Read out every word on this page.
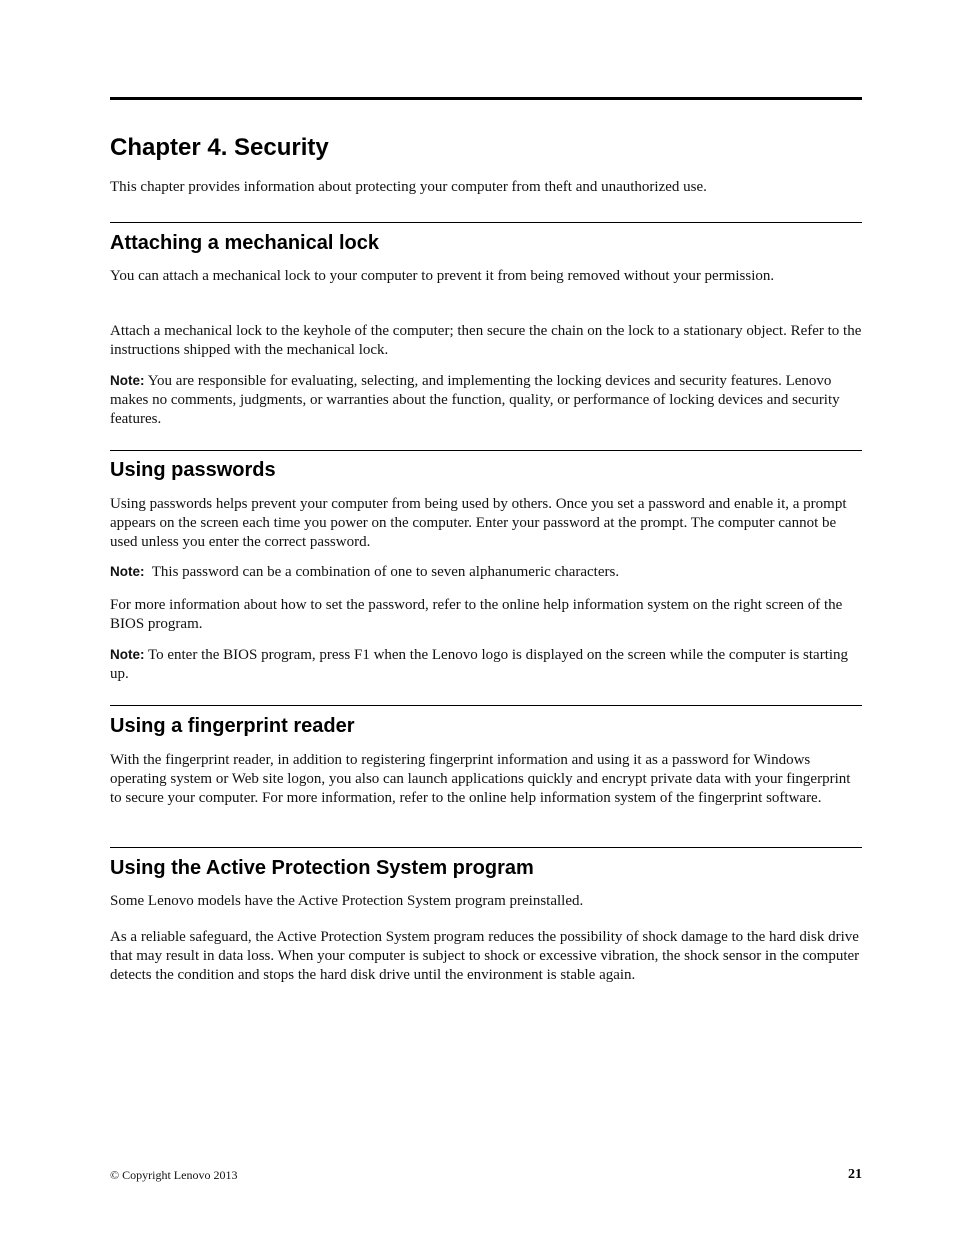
Chapter 4. Security

This chapter provides information about protecting your computer from theft and unauthorized use.

Attaching a mechanical lock

You can attach a mechanical lock to your computer to prevent it from being removed without your permission.

Attach a mechanical lock to the keyhole of the computer; then secure the chain on the lock to a stationary object. Refer to the instructions shipped with the mechanical lock.

Note: You are responsible for evaluating, selecting, and implementing the locking devices and security features. Lenovo makes no comments, judgments, or warranties about the function, quality, or performance of locking devices and security features.

Using passwords

Using passwords helps prevent your computer from being used by others. Once you set a password and enable it, a prompt appears on the screen each time you power on the computer. Enter your password at the prompt. The computer cannot be used unless you enter the correct password.

Note: This password can be a combination of one to seven alphanumeric characters.

For more information about how to set the password, refer to the online help information system on the right screen of the BIOS program.

Note: To enter the BIOS program, press F1 when the Lenovo logo is displayed on the screen while the computer is starting up.

Using a fingerprint reader

With the fingerprint reader, in addition to registering fingerprint information and using it as a password for Windows operating system or Web site logon, you also can launch applications quickly and encrypt private data with your fingerprint to secure your computer. For more information, refer to the online help information system of the fingerprint software.

Using the Active Protection System program

Some Lenovo models have the Active Protection System program preinstalled.

As a reliable safeguard, the Active Protection System program reduces the possibility of shock damage to the hard disk drive that may result in data loss. When your computer is subject to shock or excessive vibration, the shock sensor in the computer detects the condition and stops the hard disk drive until the environment is stable again.

© Copyright Lenovo 2013	21
